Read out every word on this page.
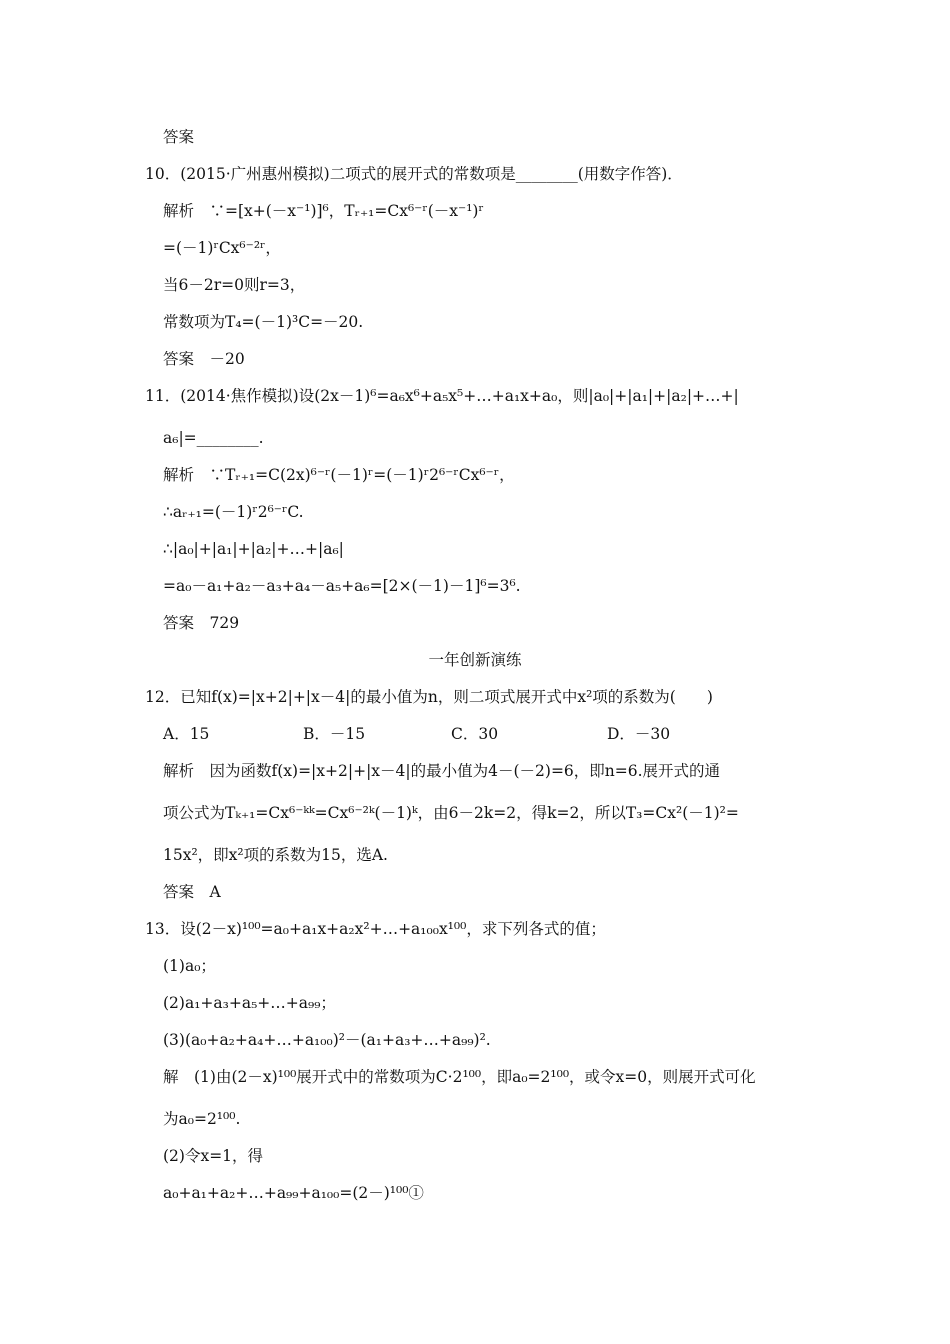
答案
10．(2015·广州惠州模拟)二项式的展开式的常数项是________(用数字作答)．
解析　∵=[x+(－x⁻¹)]⁶，Tᵣ₊₁=Cx⁶⁻ʳ(－x⁻¹)ʳ
=(－1)ʳCx⁶⁻²ʳ，
当6－2r=0则r=3，
常数项为T₄=(－1)³C=－20.
答案　－20
11．(2014·焦作模拟)设(2x－1)⁶=a₆x⁶+a₅x⁵+…+a₁x+a₀，则|a₀|+|a₁|+|a₂|+…+|
a₆|=________.
解析　∵Tᵣ₊₁=C(2x)⁶⁻ʳ(－1)ʳ=(－1)ʳ2⁶⁻ʳCx⁶⁻ʳ，
∴aᵣ₊₁=(－1)ʳ2⁶⁻ʳC.
∴|a₀|+|a₁|+|a₂|+…+|a₆|
=a₀－a₁+a₂－a₃+a₄－a₅+a₆=[2×(－1)－1]⁶=3⁶.
答案　729
一年创新演练
12．已知f(x)=|x+2|+|x－4|的最小值为n，则二项式展开式中x²项的系数为(　　)
A．15	B．－15	C．30	D．－30
解析　因为函数f(x)=|x+2|+|x－4|的最小值为4－(－2)=6，即n=6.展开式的通
项公式为Tₖ₊₁=Cx⁶⁻ᵏᵏ=Cx⁶⁻²ᵏ(－1)ᵏ，由6－2k=2，得k=2，所以T₃=Cx²(－1)²=
15x²，即x²项的系数为15，选A.
答案　A
13．设(2－x)¹⁰⁰=a₀+a₁x+a₂x²+…+a₁₀₀x¹⁰⁰，求下列各式的值；
(1)a₀；
(2)a₁+a₃+a₅+…+a₉₉；
(3)(a₀+a₂+a₄+…+a₁₀₀)²－(a₁+a₃+…+a₉₉)².
解　(1)由(2－x)¹⁰⁰展开式中的常数项为C·2¹⁰⁰，即a₀=2¹⁰⁰，或令x=0，则展开式可化
为a₀=2¹⁰⁰.
(2)令x=1，得
a₀+a₁+a₂+…+a₉₉+a₁₀₀=(2－)¹⁰⁰①
